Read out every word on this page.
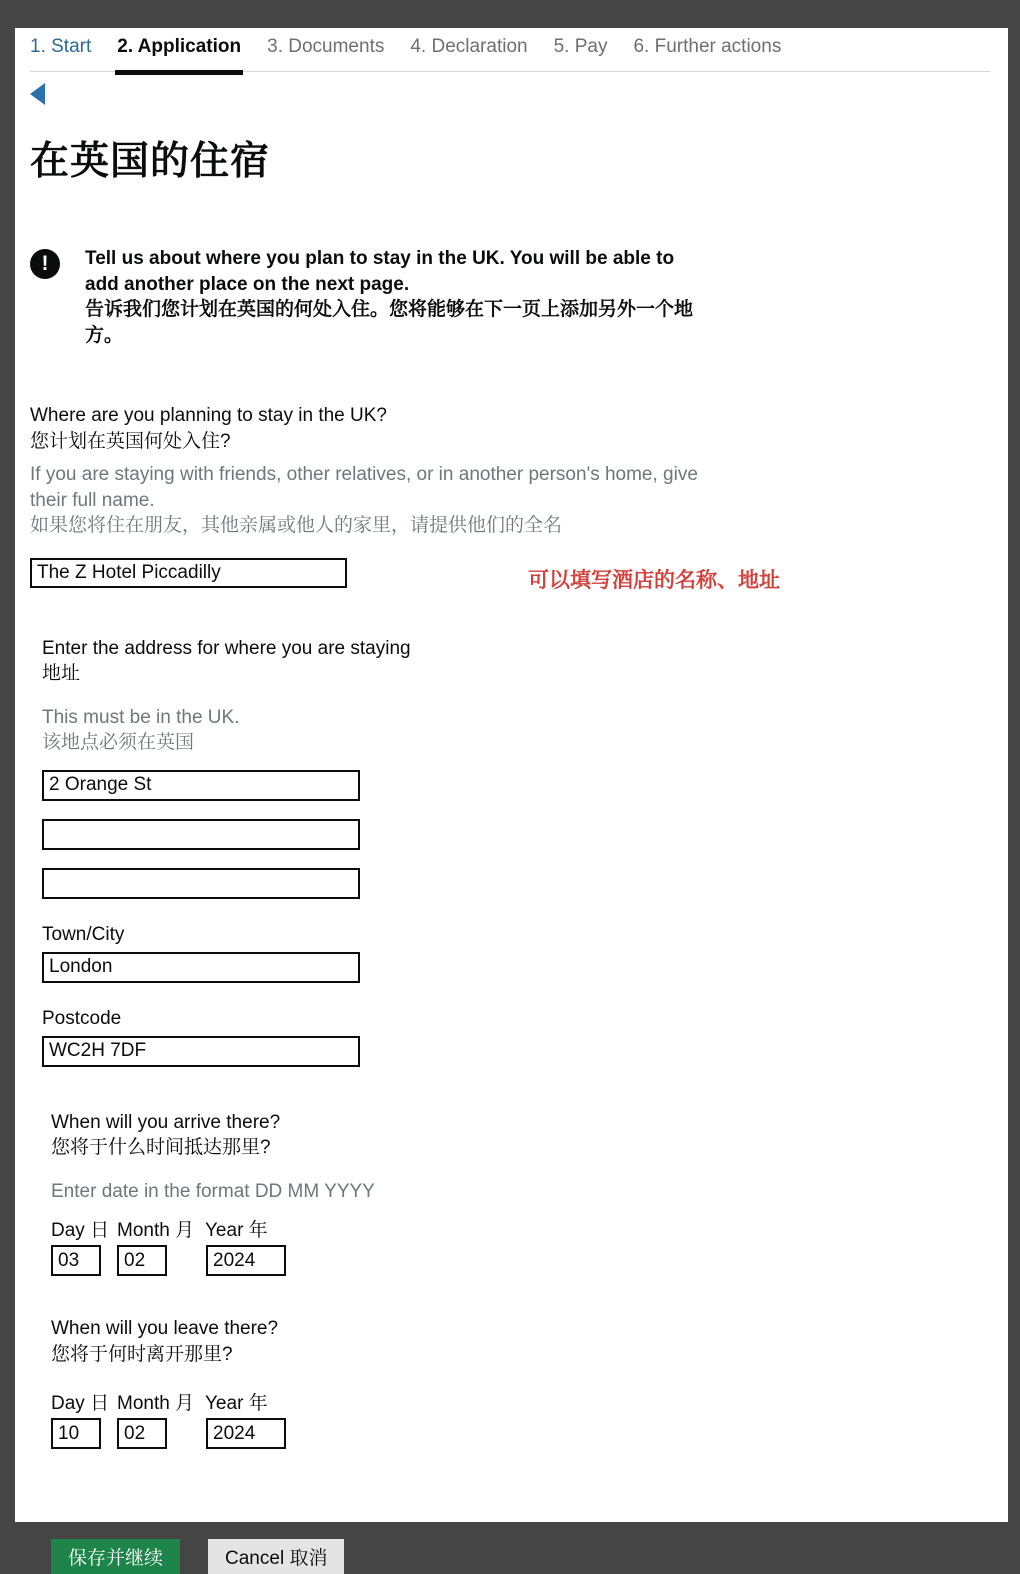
1. Start 2. Application 3. Documents 4. Declaration 5. Pay 6. Further actions
在英国的住宿
!	Tell us about where you plan to stay in the UK. You will be able to add another place on the next page.
告诉我们您计划在英国的何处入住。您将能够在下一页上添加另外一个地方。
Where are you planning to stay in the UK?
您计划在英国何处入住?
If you are staying with friends, other relatives, or in another person's home, give their full name.
如果您将住在朋友，其他亲属或他人的家里，请提供他们的全名
The Z Hotel Piccadilly
可以填写酒店的名称、地址
Enter the address for where you are staying
地址
This must be in the UK.
该地点必须在英国
2 Orange St
Town/City
London
Postcode
WC2H 7DF
When will you arrive there?
您将于什么时间抵达那里?
Enter date in the format DD MM YYYY
Day 日 Month 月 Year 年
03
02
2024
When will you leave there?
您将于何时离开那里?
Day 日 Month 月 Year 年
10
02
2024
保存并继续	Cancel 取消
